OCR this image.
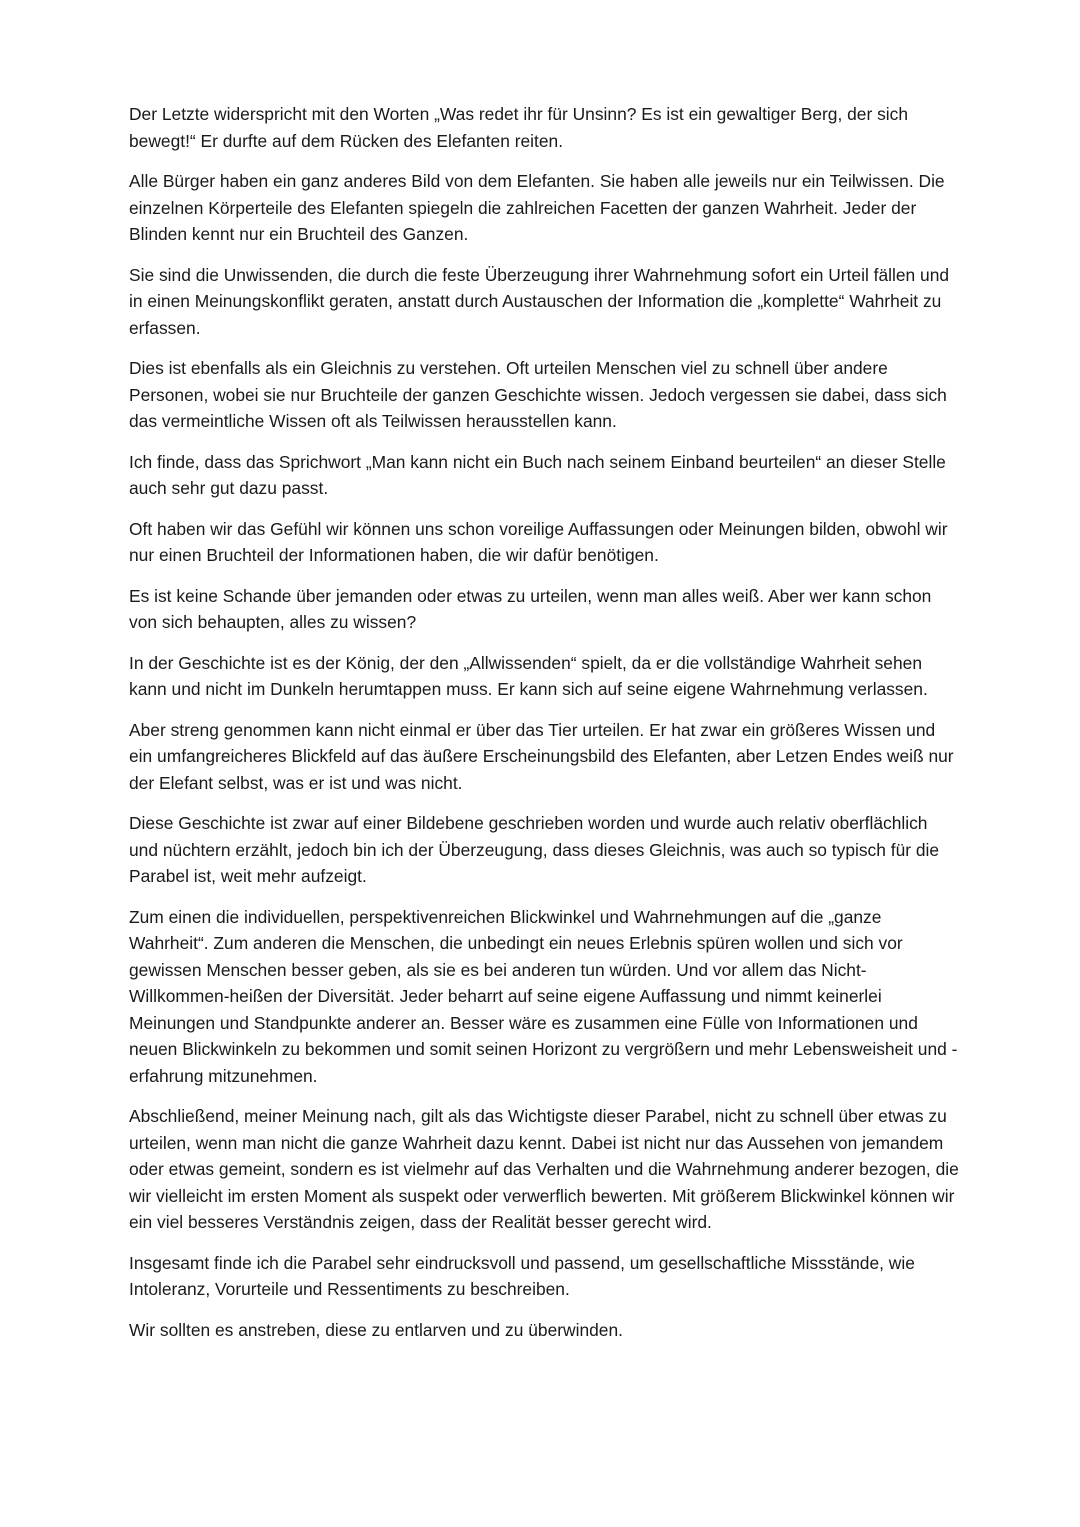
Der Letzte widerspricht mit den Worten „Was redet ihr für Unsinn? Es ist ein gewaltiger Berg, der sich bewegt!“ Er durfte auf dem Rücken des Elefanten reiten.

Alle Bürger haben ein ganz anderes Bild von dem Elefanten. Sie haben alle jeweils nur ein Teilwissen. Die einzelnen Körperteile des Elefanten spiegeln die zahlreichen Facetten der ganzen Wahrheit. Jeder der Blinden kennt nur ein Bruchteil des Ganzen.

Sie sind die Unwissenden, die durch die feste Überzeugung ihrer Wahrnehmung sofort ein Urteil fällen und in einen Meinungskonflikt geraten, anstatt durch Austauschen der Information die „komplette“ Wahrheit zu erfassen.

Dies ist ebenfalls als ein Gleichnis zu verstehen. Oft urteilen Menschen viel zu schnell über andere Personen, wobei sie nur Bruchteile der ganzen Geschichte wissen. Jedoch vergessen sie dabei, dass sich das vermeintliche Wissen oft als Teilwissen herausstellen kann.

Ich finde, dass das Sprichwort „Man kann nicht ein Buch nach seinem Einband beurteilen“ an dieser Stelle auch sehr gut dazu passt.

Oft haben wir das Gefühl wir können uns schon voreilige Auffassungen oder Meinungen bilden, obwohl wir nur einen Bruchteil der Informationen haben, die wir dafür benötigen.

Es ist keine Schande über jemanden oder etwas zu urteilen, wenn man alles weiß. Aber wer kann schon von sich behaupten, alles zu wissen?

In der Geschichte ist es der König, der den „Allwissenden“ spielt, da er die vollständige Wahrheit sehen kann und nicht im Dunkeln herumtappen muss. Er kann sich auf seine eigene Wahrnehmung verlassen.

Aber streng genommen kann nicht einmal er über das Tier urteilen. Er hat zwar ein größeres Wissen und ein umfangreicheres Blickfeld auf das äußere Erscheinungsbild des Elefanten, aber Letzen Endes weiß nur der Elefant selbst, was er ist und was nicht.

Diese Geschichte ist zwar auf einer Bildebene geschrieben worden und wurde auch relativ oberflächlich und nüchtern erzählt, jedoch bin ich der Überzeugung, dass dieses Gleichnis, was auch so typisch für die Parabel ist, weit mehr aufzeigt.

Zum einen die individuellen, perspektivenreichen Blickwinkel und Wahrnehmungen auf die „ganze Wahrheit“. Zum anderen die Menschen, die unbedingt ein neues Erlebnis spüren wollen und sich vor gewissen Menschen besser geben, als sie es bei anderen tun würden. Und vor allem das Nicht-Willkommen-heißen der Diversität. Jeder beharrt auf seine eigene Auffassung und nimmt keinerlei Meinungen und Standpunkte anderer an. Besser wäre es zusammen eine Fülle von Informationen und neuen Blickwinkeln zu bekommen und somit seinen Horizont zu vergrößern und mehr Lebensweisheit und -erfahrung mitzunehmen.

Abschließend, meiner Meinung nach, gilt als das Wichtigste dieser Parabel, nicht zu schnell über etwas zu urteilen, wenn man nicht die ganze Wahrheit dazu kennt. Dabei ist nicht nur das Aussehen von jemandem oder etwas gemeint, sondern es ist vielmehr auf das Verhalten und die Wahrnehmung anderer bezogen, die wir vielleicht im ersten Moment als suspekt oder verwerflich bewerten. Mit größerem Blickwinkel können wir ein viel besseres Verständnis zeigen, dass der Realität besser gerecht wird.

Insgesamt finde ich die Parabel sehr eindrucksvoll und passend, um gesellschaftliche Missstände, wie Intoleranz, Vorurteile und Ressentiments zu beschreiben.

Wir sollten es anstreben, diese zu entlarven und zu überwinden.
